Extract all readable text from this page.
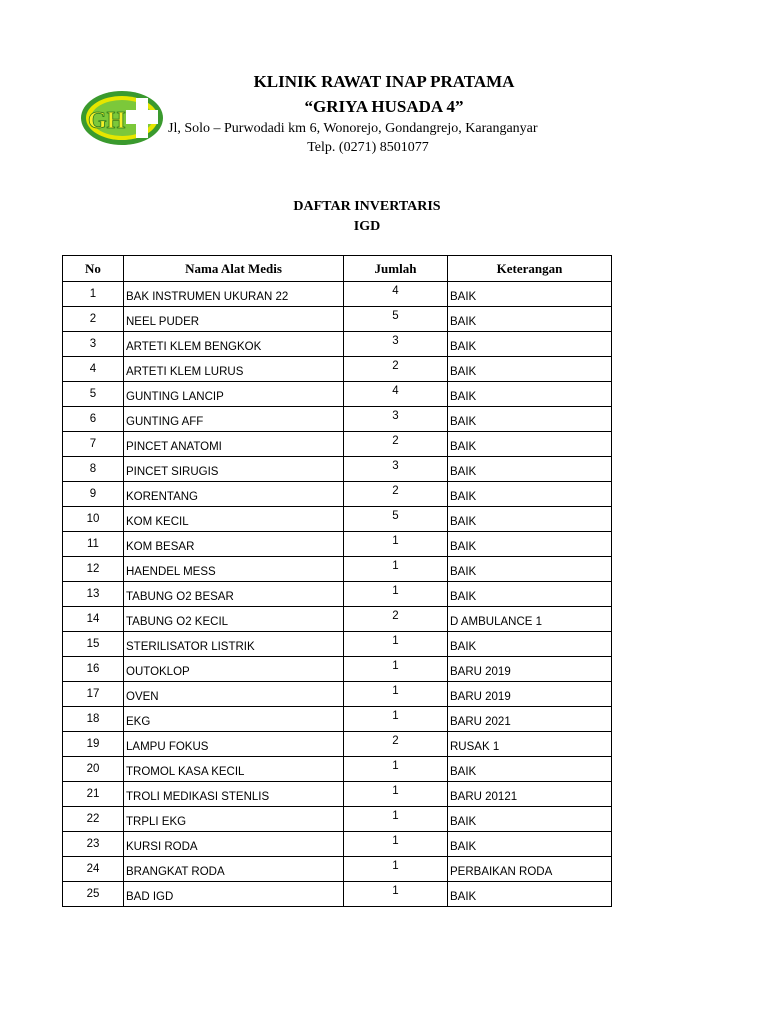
GH
KLINIK RAWAT INAP PRATAMA
“GRIYA HUSADA 4”
Jl, Solo – Purwodadi km 6, Wonorejo, Gondangrejo, Karanganyar
Telp. (0271) 8501077
DAFTAR INVERTARIS
IGD
No	Nama Alat Medis	Jumlah	Keterangan
1	BAK INSTRUMEN UKURAN 22	4	BAIK
2	NEEL PUDER	5	BAIK
3	ARTETI KLEM BENGKOK	3	BAIK
4	ARTETI KLEM LURUS	2	BAIK
5	GUNTING LANCIP	4	BAIK
6	GUNTING AFF	3	BAIK
7	PINCET ANATOMI	2	BAIK
8	PINCET SIRUGIS	3	BAIK
9	KORENTANG	2	BAIK
10	KOM KECIL	5	BAIK
11	KOM BESAR	1	BAIK
12	HAENDEL MESS	1	BAIK
13	TABUNG O2 BESAR	1	BAIK
14	TABUNG O2 KECIL	2	D AMBULANCE 1
15	STERILISATOR LISTRIK	1	BAIK
16	OUTOKLOP	1	BARU 2019
17	OVEN	1	BARU 2019
18	EKG	1	BARU 2021
19	LAMPU FOKUS	2	RUSAK 1
20	TROMOL KASA KECIL	1	BAIK
21	TROLI MEDIKASI STENLIS	1	BARU 20121
22	TRPLI EKG	1	BAIK
23	KURSI RODA	1	BAIK
24	BRANGKAT RODA	1	PERBAIKAN RODA
25	BAD IGD	1	BAIK
